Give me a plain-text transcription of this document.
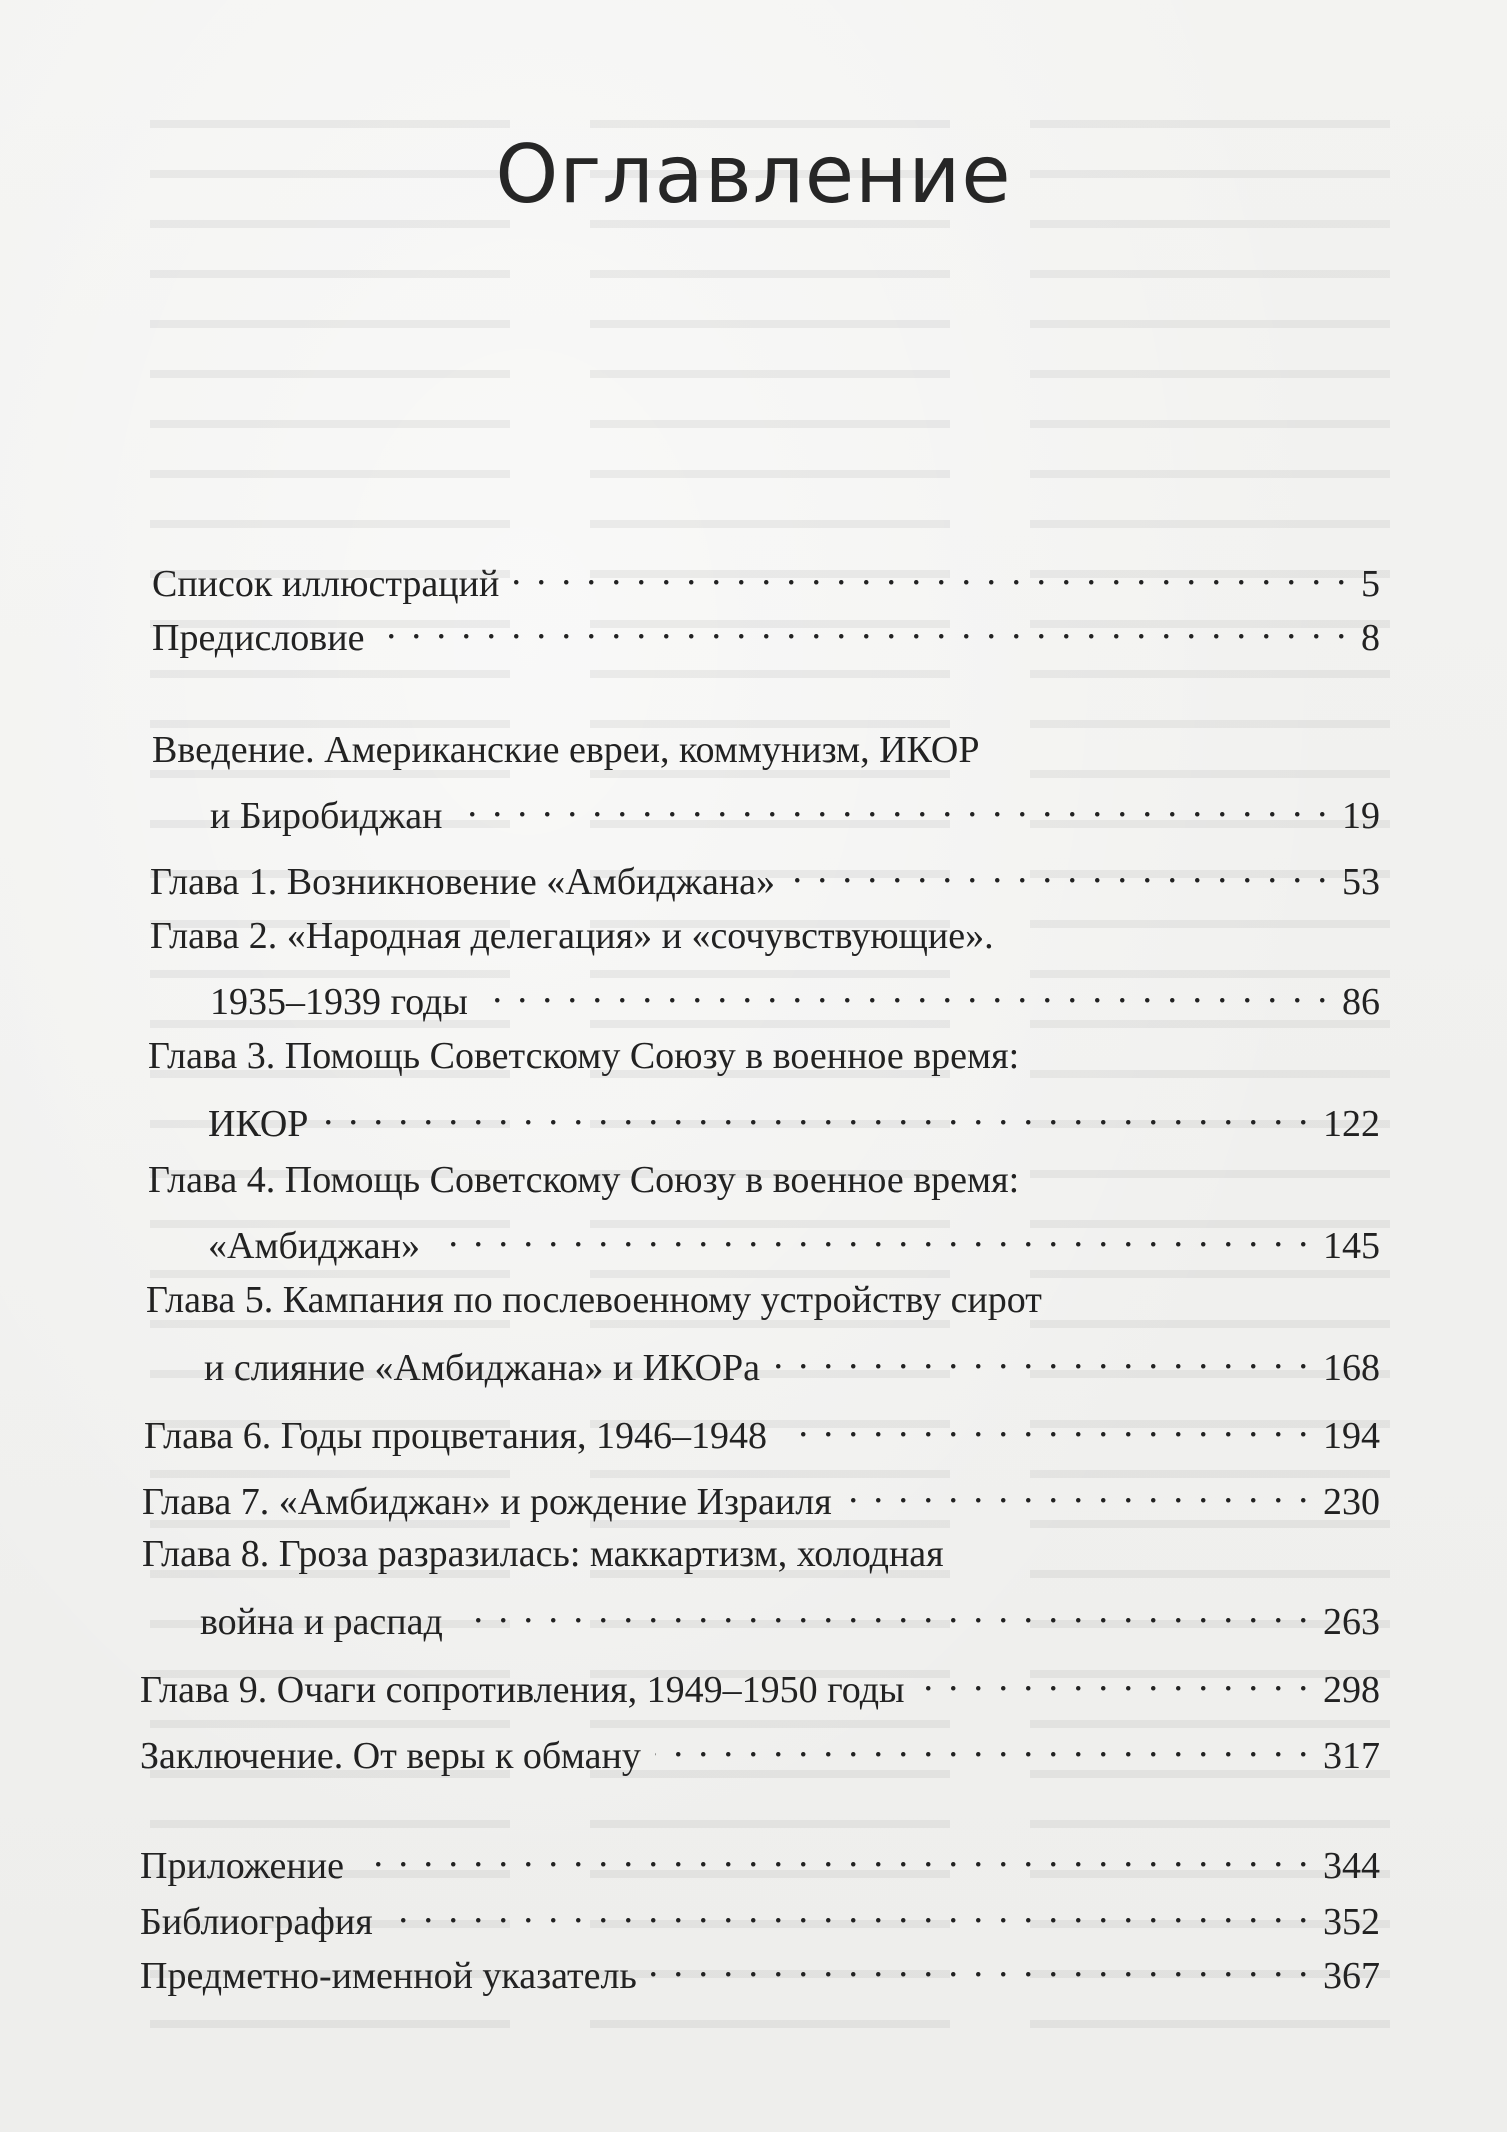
Оглавление
Список иллюстраций . . .	5
Предисловие . . .	8
Введение. Американские евреи, коммунизм, ИКОР
и Биробиджан . . .	19
Глава 1. Возникновение «Амбиджана» . . .	53
Глава 2. «Народная делегация» и «сочувствующие».
1935–1939 годы . . .	86
Глава 3. Помощь Советскому Союзу в военное время:
ИКОР . . .	122
Глава 4. Помощь Советскому Союзу в военное время:
«Амбиджан» . . .	145
Глава 5. Кампания по послевоенному устройству сирот
и слияние «Амбиджана» и ИКОРа . . .	168
Глава 6. Годы процветания, 1946–1948 . . .	194
Глава 7. «Амбиджан» и рождение Израиля . . .	230
Глава 8. Гроза разразилась: маккартизм, холодная
война и распад . . .	263
Глава 9. Очаги сопротивления, 1949–1950 годы . . .	298
Заключение. От веры к обману . . .	317
Приложение . . .	344
Библиография . . .	352
Предметно-именной указатель . . .	367
